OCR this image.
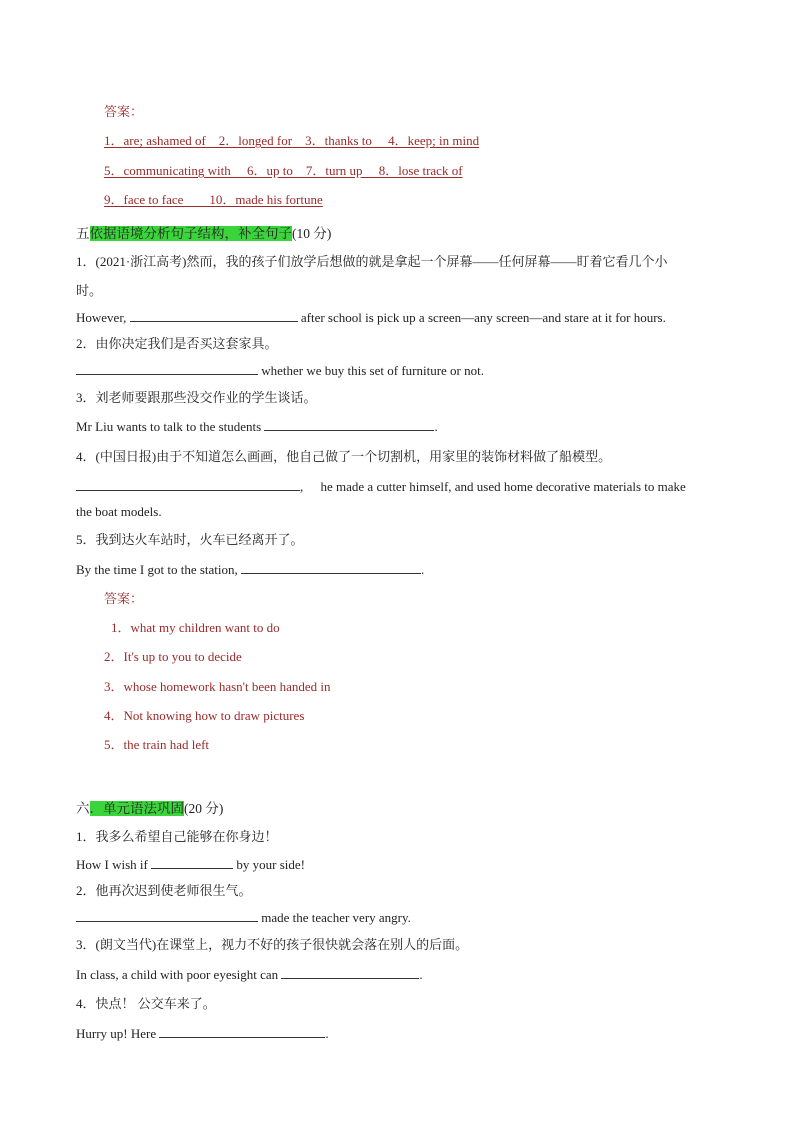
答案：
1．are; ashamed of　2．longed for　3．thanks to　 4．keep; in mind
5．communicating with　 6．up to　7．turn up　 8．lose track of
9．face to face　　10．made his fortune
五依据语境分析句子结构，补全句子(10 分)
1．(2021·浙江高考)然而，我的孩子们放学后想做的就是拿起一个屏幕——任何屏幕——盯着它看几个小
时。
However,	after school is pick up a screen—any screen—and stare at it for hours.
2．由你决定我们是否买这套家具。
whether we buy this set of furniture or not.
3．刘老师要跟那些没交作业的学生谈话。
Mr Liu wants to talk to the students	.
4．(中国日报)由于不知道怎么画画，他自己做了一个切割机，用家里的装饰材料做了船模型。
, he made a cutter himself, and used home decorative materials to make
the boat models.
5．我到达火车站时，火车已经离开了。
By the time I got to the station,	.
答案：
1．what my children want to do
2．It's up to you to decide
3．whose homework hasn't been handed in
4．Not knowing how to draw pictures
5．the train had left
六．单元语法巩固(20 分)
1．我多么希望自己能够在你身边！
How I wish if	by your side!
2．他再次迟到使老师很生气。
made the teacher very angry.
3．(朗文当代)在课堂上，视力不好的孩子很快就会落在别人的后面。
In class, a child with poor eyesight can	.
4．快点！ 公交车来了。
Hurry up! Here	.
